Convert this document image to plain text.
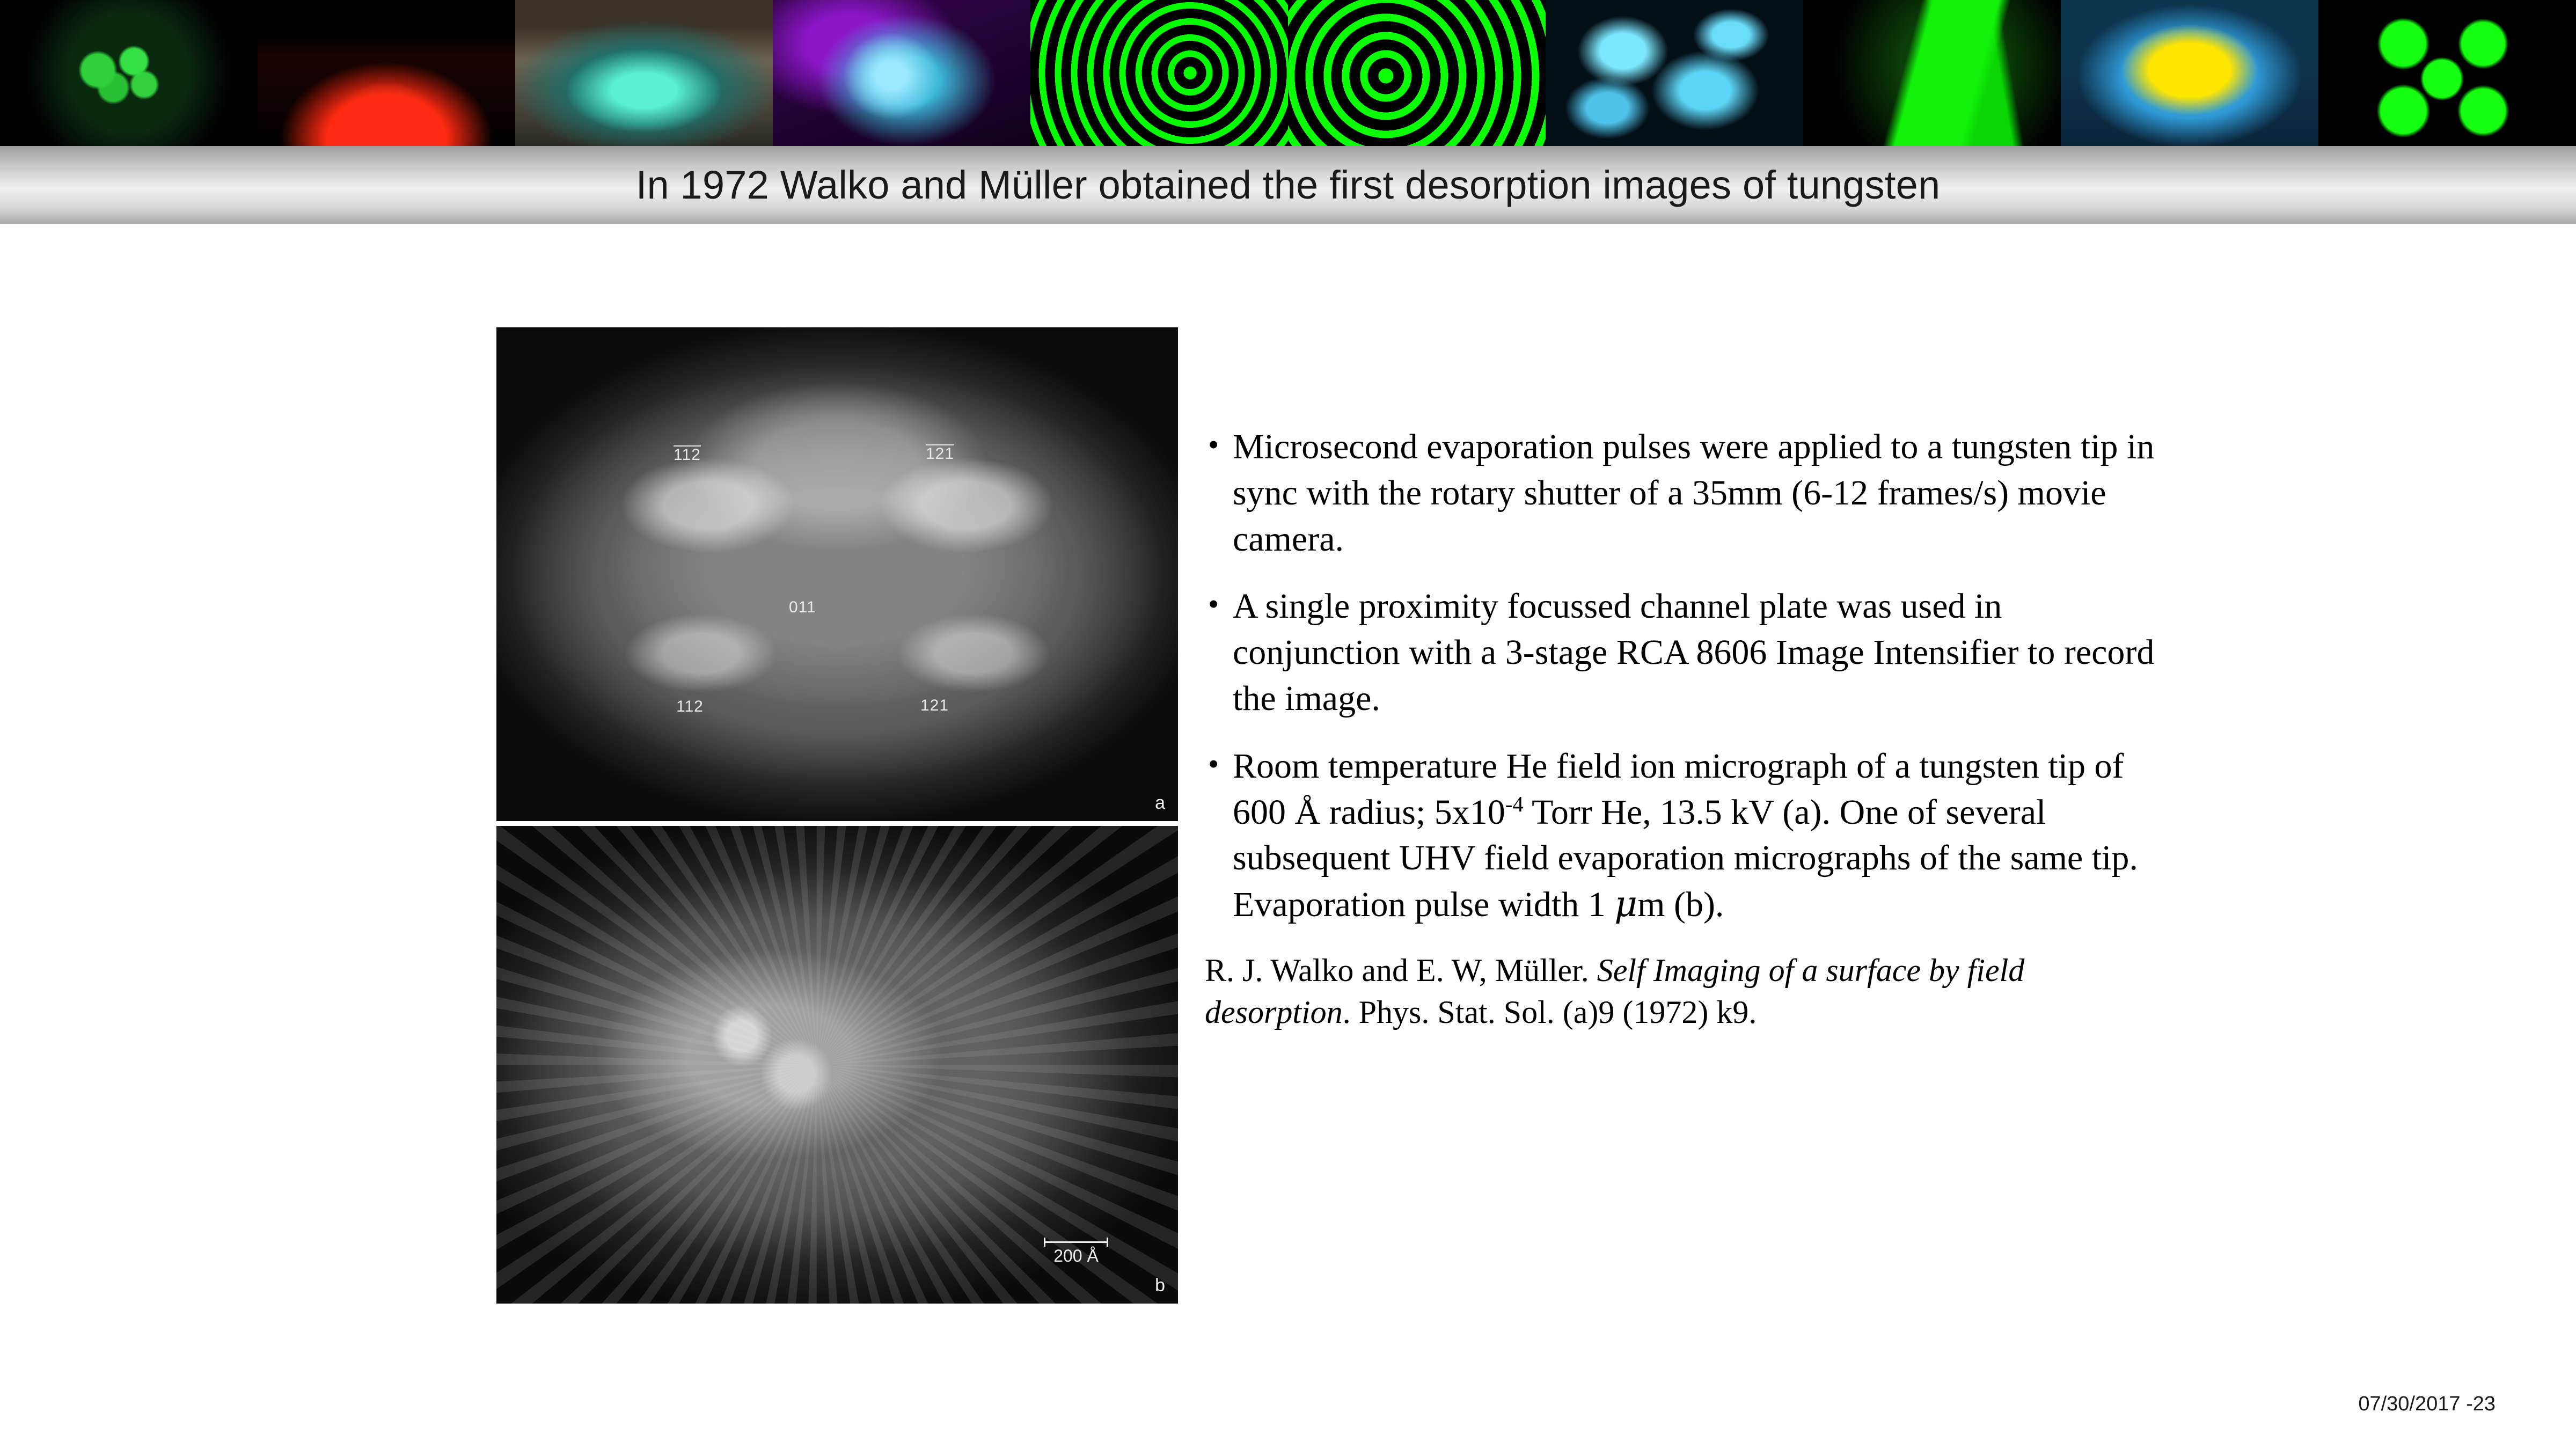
In 1972 Walko and Müller obtained the first desorption images of tungsten
112	121
011
112	121
a
200 Å
b
• Microsecond evaporation pulses were applied to a tungsten tip in sync with the rotary shutter of a 35mm (6-12 frames/s) movie camera.
• A single proximity focussed channel plate was used in conjunction with a 3-stage RCA 8606 Image Intensifier to record the image.
• Room temperature He field ion micrograph of a tungsten tip of 600 Å radius; $5x10^{-4}$ Torr He, 13.5 kV (a). One of several subsequent UHV field evaporation micrographs of the same tip. Evaporation pulse width 1 μm (b).
R. J. Walko and E. W, Müller. Self Imaging of a surface by field desorption. Phys. Stat. Sol. (a)9 (1972) k9.
07/30/2017 -23
